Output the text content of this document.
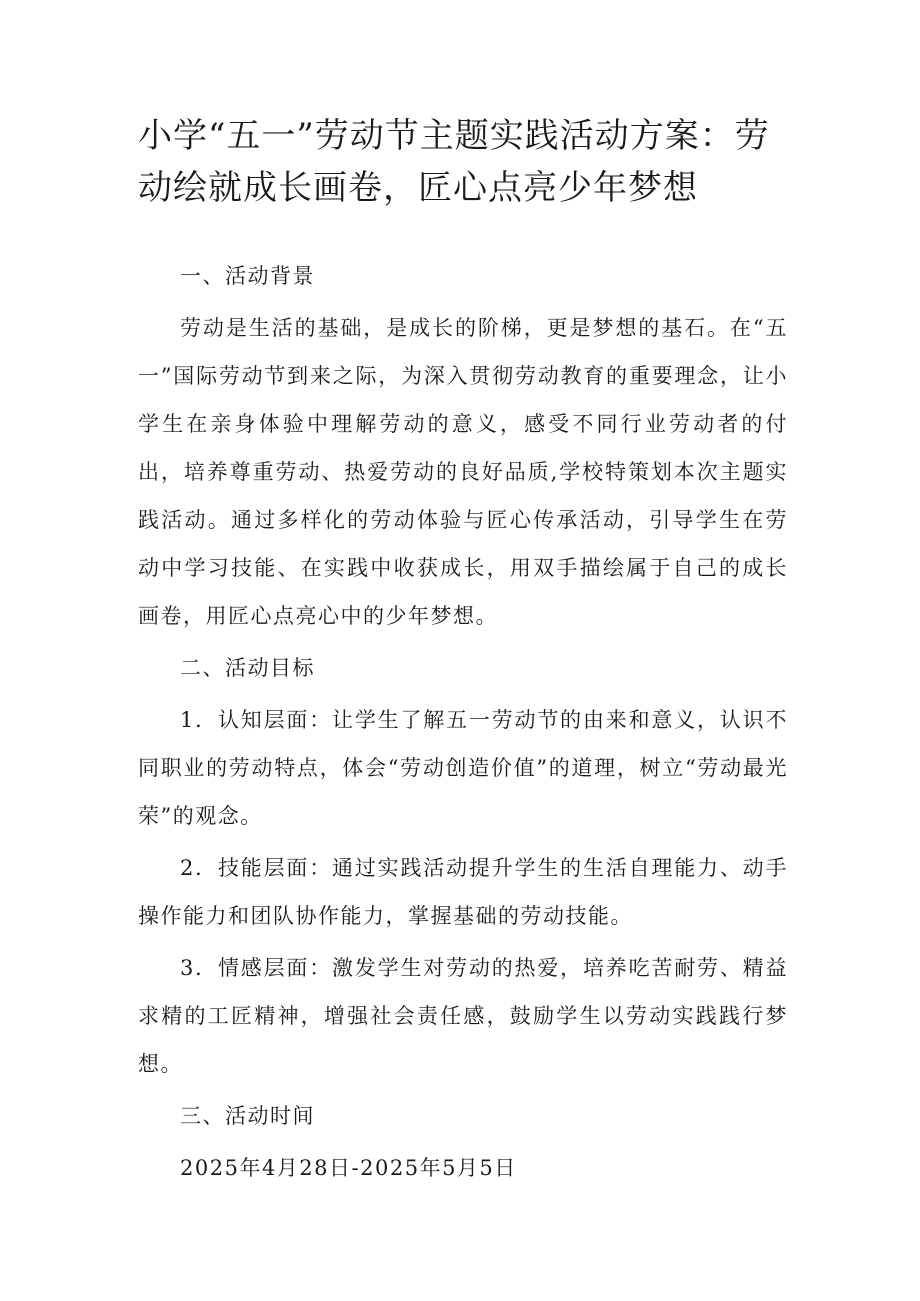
小学“五一”劳动节主题实践活动方案：劳动绘就成长画卷，匠心点亮少年梦想

一、活动背景

劳动是生活的基础，是成长的阶梯，更是梦想的基石。在“五一”国际劳动节到来之际，为深入贯彻劳动教育的重要理念，让小学生在亲身体验中理解劳动的意义，感受不同行业劳动者的付出，培养尊重劳动、热爱劳动的良好品质,学校特策划本次主题实践活动。通过多样化的劳动体验与匠心传承活动，引导学生在劳动中学习技能、在实践中收获成长，用双手描绘属于自己的成长画卷，用匠心点亮心中的少年梦想。

二、活动目标

1．认知层面：让学生了解五一劳动节的由来和意义，认识不同职业的劳动特点，体会“劳动创造价值”的道理，树立“劳动最光荣”的观念。

2．技能层面：通过实践活动提升学生的生活自理能力、动手操作能力和团队协作能力，掌握基础的劳动技能。

3．情感层面：激发学生对劳动的热爱，培养吃苦耐劳、精益求精的工匠精神，增强社会责任感，鼓励学生以劳动实践践行梦想。

三、活动时间

2025年4月28日-2025年5月5日
